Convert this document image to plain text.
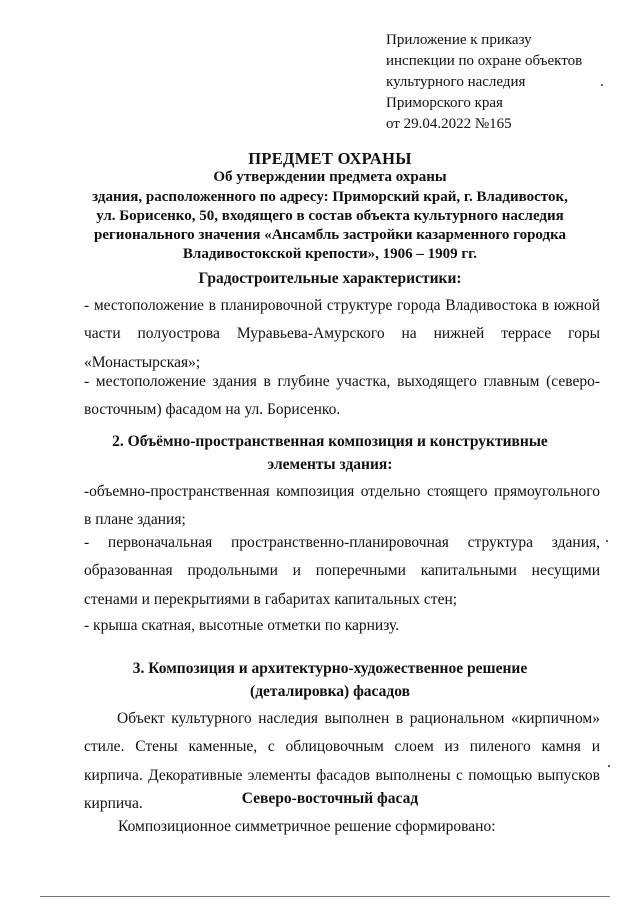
Приложение к приказу
инспекции по охране объектов
культурного наследия
Приморского края
от 29.04.2022 №165
ПРЕДМЕТ ОХРАНЫ
Об утверждении предмета охраны
здания, расположенного по адресу: Приморский край, г. Владивосток,
ул. Борисенко, 50, входящего в состав объекта культурного наследия
регионального значения «Ансамбль застройки казарменного городка
Владивостокской крепости», 1906 – 1909 гг.
Градостроительные характеристики:
- местоположение в планировочной структуре города Владивостока в южной части полуострова Муравьева-Амурского на нижней террасе горы «Монастырская»;
- местоположение здания в глубине участка, выходящего главным (северо-восточным) фасадом на ул. Борисенко.
2. Объёмно-пространственная композиция и конструктивные
элементы здания:
-объемно-пространственная композиция отдельно стоящего прямоугольного в плане здания;
- первоначальная пространственно-планировочная структура здания, образованная продольными и поперечными капитальными несущими стенами и перекрытиями в габаритах капитальных стен;
- крыша скатная, высотные отметки по карнизу.
3. Композиция и архитектурно-художественное решение
(деталировка) фасадов
Объект культурного наследия выполнен в рациональном «кирпичном» стиле. Стены каменные, с облицовочным слоем из пиленого камня и кирпича. Декоративные элементы фасадов выполнены с помощью выпусков кирпича.	Северо-восточный фасад
Композиционное симметричное решение сформировано:
